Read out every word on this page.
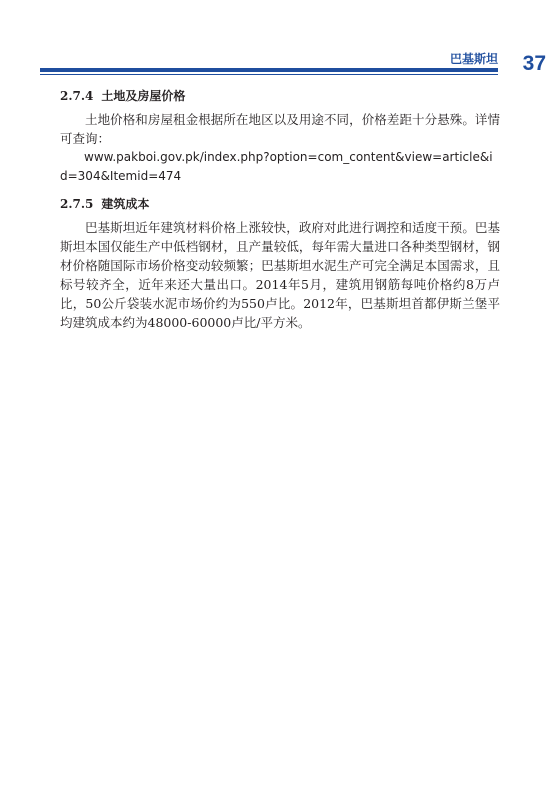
巴基斯坦 37
2.7.4 土地及房屋价格

土地价格和房屋租金根据所在地区以及用途不同，价格差距十分悬殊。详情可查询：

www.pakboi.gov.pk/index.php?option=com_content&view=article&id=304&Itemid=474

2.7.5 建筑成本

巴基斯坦近年建筑材料价格上涨较快，政府对此进行调控和适度干预。巴基斯坦本国仅能生产中低档钢材，且产量较低，每年需大量进口各种类型钢材，钢材价格随国际市场价格变动较频繁；巴基斯坦水泥生产可完全满足本国需求，且标号较齐全，近年来还大量出口。2014年5月，建筑用钢筋每吨价格约8万卢比，50公斤袋装水泥市场价约为550卢比。2012年，巴基斯坦首都伊斯兰堡平均建筑成本约为48000-60000卢比/平方米。
